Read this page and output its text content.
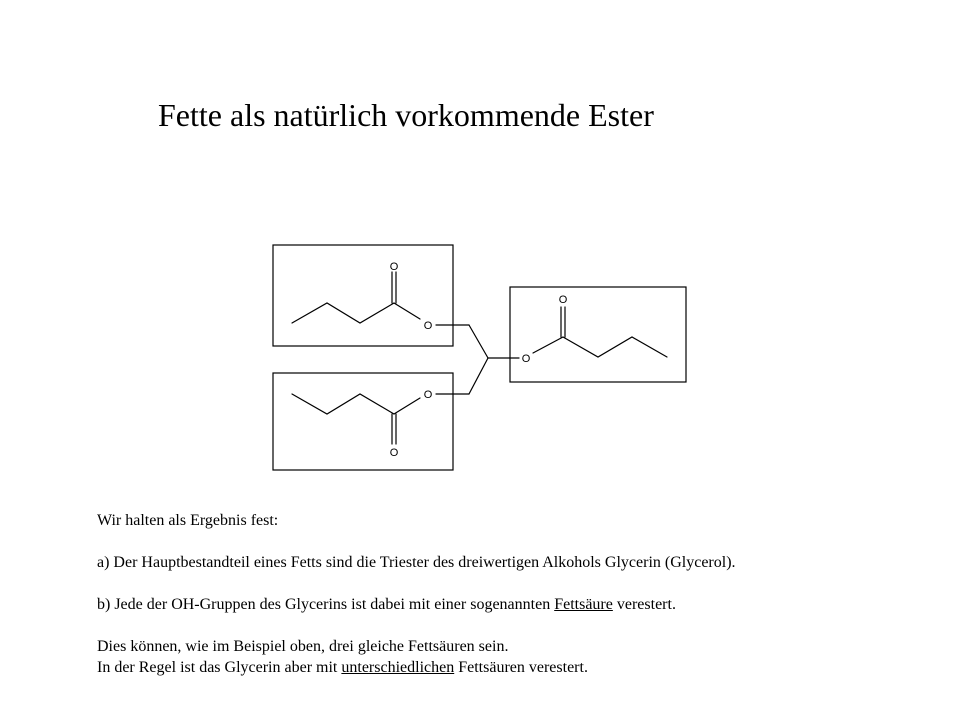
Fette als natürlich vorkommende Ester
O
O
O
O
O
O

Wir halten als Ergebnis fest:

a) Der Hauptbestandteil eines Fetts sind die Triester des dreiwertigen Alkohols Glycerin (Glycerol).

b) Jede der OH-Gruppen des Glycerins ist dabei mit einer sogenannten Fettsäure verestert.

Dies können, wie im Beispiel oben, drei gleiche Fettsäuren sein.

In der Regel ist das Glycerin aber mit unterschiedlichen Fettsäuren verestert.
